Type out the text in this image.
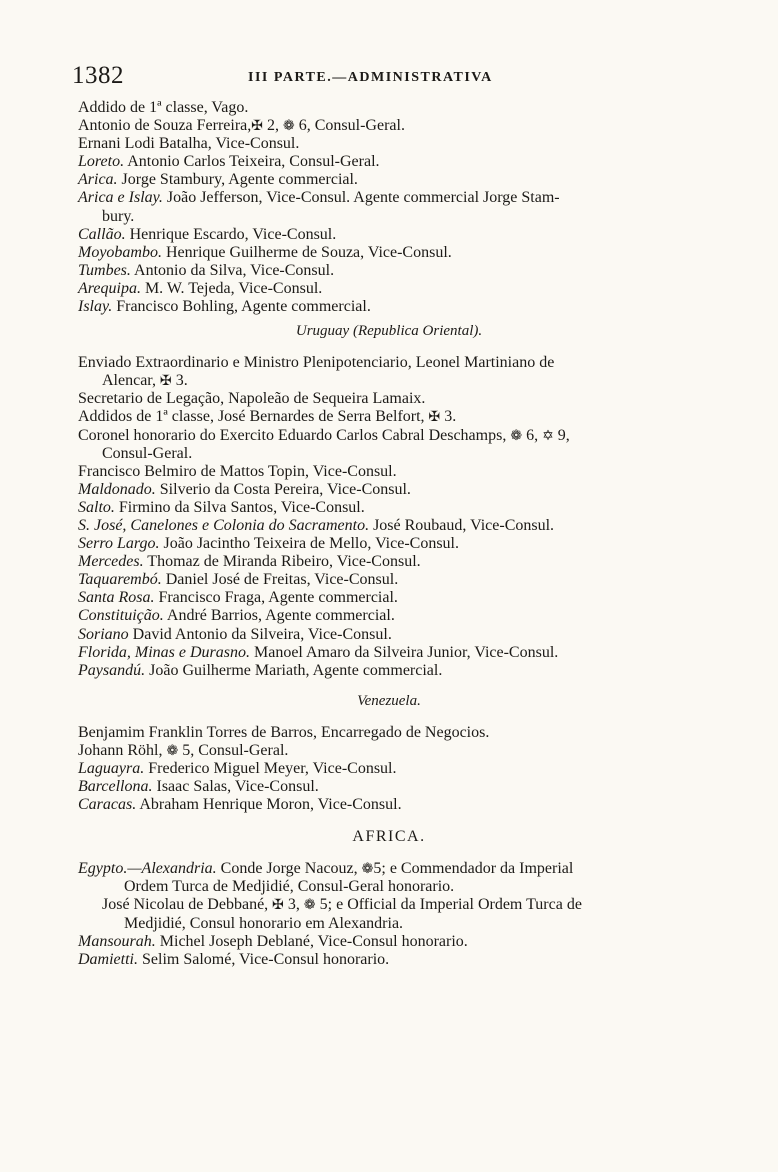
1382	III PARTE.—ADMINISTRATIVA
Addido de 1ª classe, Vago.
Antonio de Souza Ferreira,✠ 2, ❁ 6, Consul-Geral.
Ernani Lodi Batalha, Vice-Consul.
Loreto. Antonio Carlos Teixeira, Consul-Geral.
Arica. Jorge Stambury, Agente commercial.
Arica e Islay. João Jefferson, Vice-Consul. Agente commercial Jorge Stam-
bury.
Callão. Henrique Escardo, Vice-Consul.
Moyobambo. Henrique Guilherme de Souza, Vice-Consul.
Tumbes. Antonio da Silva, Vice-Consul.
Arequipa. M. W. Tejeda, Vice-Consul.
Islay. Francisco Bohling, Agente commercial.
Uruguay (Republica Oriental).
Enviado Extraordinario e Ministro Plenipotenciario, Leonel Martiniano de
Alencar, ✠ 3.
Secretario de Legação, Napoleão de Sequeira Lamaix.
Addidos de 1ª classe, José Bernardes de Serra Belfort, ✠ 3.
Coronel honorario do Exercito Eduardo Carlos Cabral Deschamps, ❁ 6, ✡ 9,
Consul-Geral.
Francisco Belmiro de Mattos Topin, Vice-Consul.
Maldonado. Silverio da Costa Pereira, Vice-Consul.
Salto. Firmino da Silva Santos, Vice-Consul.
S. José, Canelones e Colonia do Sacramento. José Roubaud, Vice-Consul.
Serro Largo. João Jacintho Teixeira de Mello, Vice-Consul.
Mercedes. Thomaz de Miranda Ribeiro, Vice-Consul.
Taquarembó. Daniel José de Freitas, Vice-Consul.
Santa Rosa. Francisco Fraga, Agente commercial.
Constituição. André Barrios, Agente commercial.
Soriano David Antonio da Silveira, Vice-Consul.
Florida, Minas e Durasno. Manoel Amaro da Silveira Junior, Vice-Consul.
Paysandú. João Guilherme Mariath, Agente commercial.
Venezuela.
Benjamim Franklin Torres de Barros, Encarregado de Negocios.
Johann Röhl, ❁ 5, Consul-Geral.
Laguayra. Frederico Miguel Meyer, Vice-Consul.
Barcellona. Isaac Salas, Vice-Consul.
Caracas. Abraham Henrique Moron, Vice-Consul.
AFRICA.
Egypto.—Alexandria. Conde Jorge Nacouz, ❁5; e Commendador da Imperial
Ordem Turca de Medjidié, Consul-Geral honorario.
José Nicolau de Debbané, ✠ 3, ❁ 5; e Official da Imperial Ordem Turca de
Medjidié, Consul honorario em Alexandria.
Mansourah. Michel Joseph Deblané, Vice-Consul honorario.
Damietti. Selim Salomé, Vice-Consul honorario.
